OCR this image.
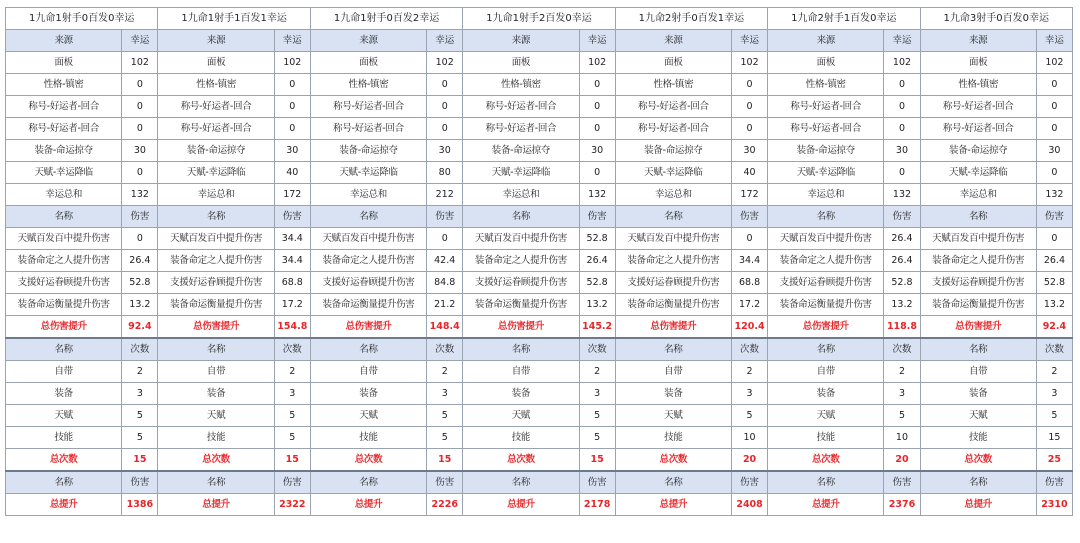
1九命1射手0百发0幸运		1九命1射手1百发1幸运		1九命1射手0百发2幸运		1九命1射手2百发0幸运		1九命2射手0百发1幸运		1九命2射手1百发0幸运		1九命3射手0百发0幸运	
来源	幸运	来源	幸运	来源	幸运	来源	幸运	来源	幸运	来源	幸运	来源	幸运
面板	102	面板	102	面板	102	面板	102	面板	102	面板	102	面板	102
性格-镇密	0	性格-镇密	0	性格-镇密	0	性格-镇密	0	性格-镇密	0	性格-镇密	0	性格-镇密	0
称号-好运者-回合	0	称号-好运者-回合	0	称号-好运者-回合	0	称号-好运者-回合	0	称号-好运者-回合	0	称号-好运者-回合	0	称号-好运者-回合	0
称号-好运者-回合	0	称号-好运者-回合	0	称号-好运者-回合	0	称号-好运者-回合	0	称号-好运者-回合	0	称号-好运者-回合	0	称号-好运者-回合	0
装备-命运掠夺	30	装备-命运掠夺	30	装备-命运掠夺	30	装备-命运掠夺	30	装备-命运掠夺	30	装备-命运掠夺	30	装备-命运掠夺	30
天赋-幸运降临	0	天赋-幸运降临	40	天赋-幸运降临	80	天赋-幸运降临	0	天赋-幸运降临	40	天赋-幸运降临	0	天赋-幸运降临	0
幸运总和	132	幸运总和	172	幸运总和	212	幸运总和	132	幸运总和	172	幸运总和	132	幸运总和	132
名称	伤害	名称	伤害	名称	伤害	名称	伤害	名称	伤害	名称	伤害	名称	伤害
天赋百发百中提升伤害	0	天赋百发百中提升伤害	34.4	天赋百发百中提升伤害	0	天赋百发百中提升伤害	52.8	天赋百发百中提升伤害	0	天赋百发百中提升伤害	26.4	天赋百发百中提升伤害	0
装备命定之人提升伤害	26.4	装备命定之人提升伤害	34.4	装备命定之人提升伤害	42.4	装备命定之人提升伤害	26.4	装备命定之人提升伤害	34.4	装备命定之人提升伤害	26.4	装备命定之人提升伤害	26.4
支援好运眷顾提升伤害	52.8	支援好运眷顾提升伤害	68.8	支援好运眷顾提升伤害	84.8	支援好运眷顾提升伤害	52.8	支援好运眷顾提升伤害	68.8	支援好运眷顾提升伤害	52.8	支援好运眷顾提升伤害	52.8
装备命运衡量提升伤害	13.2	装备命运衡量提升伤害	17.2	装备命运衡量提升伤害	21.2	装备命运衡量提升伤害	13.2	装备命运衡量提升伤害	17.2	装备命运衡量提升伤害	13.2	装备命运衡量提升伤害	13.2
总伤害提升	92.4	总伤害提升	154.8	总伤害提升	148.4	总伤害提升	145.2	总伤害提升	120.4	总伤害提升	118.8	总伤害提升	92.4
名称	次数	名称	次数	名称	次数	名称	次数	名称	次数	名称	次数	名称	次数
自带	2	自带	2	自带	2	自带	2	自带	2	自带	2	自带	2
装备	3	装备	3	装备	3	装备	3	装备	3	装备	3	装备	3
天赋	5	天赋	5	天赋	5	天赋	5	天赋	5	天赋	5	天赋	5
技能	5	技能	5	技能	5	技能	5	技能	10	技能	10	技能	15
总次数	15	总次数	15	总次数	15	总次数	15	总次数	20	总次数	20	总次数	25
名称	伤害	名称	伤害	名称	伤害	名称	伤害	名称	伤害	名称	伤害	名称	伤害
总提升	1386	总提升	2322	总提升	2226	总提升	2178	总提升	2408	总提升	2376	总提升	2310
